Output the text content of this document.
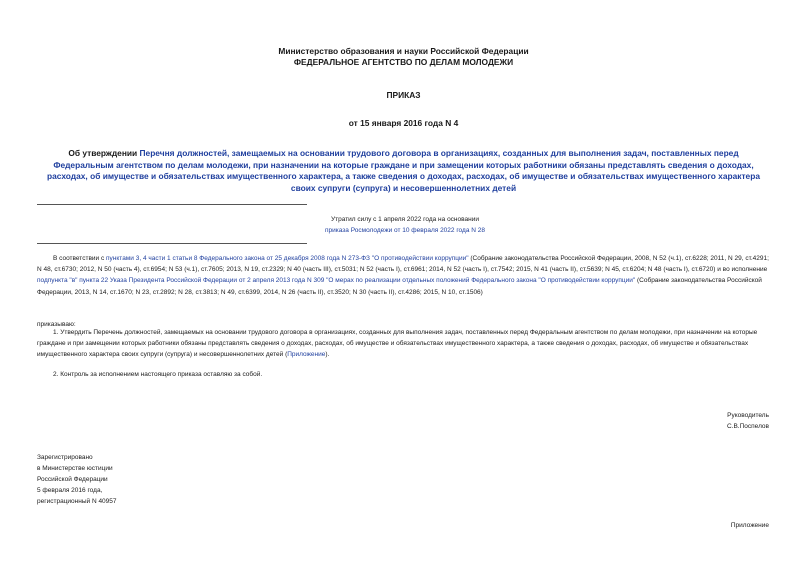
Министерство образования и науки Российской Федерации
ФЕДЕРАЛЬНОЕ АГЕНТСТВО ПО ДЕЛАМ МОЛОДЕЖИ
ПРИКАЗ
от 15 января 2016 года N 4
Об утверждении Перечня должностей, замещаемых на основании трудового договора в организациях, созданных для выполнения задач, поставленных перед Федеральным агентством по делам молодежи, при назначении на которые граждане и при замещении которых работники обязаны представлять сведения о доходах, расходах, об имуществе и обязательствах имущественного характера, а также сведения о доходах, расходах, об имуществе и обязательствах имущественного характера своих супруги (супруга) и несовершеннолетних детей
Утратил силу с 1 апреля 2022 года на основании
приказа Росмолодежи от 10 февраля 2022 года N 28
В соответствии с пунктами 3, 4 части 1 статьи 8 Федерального закона от 25 декабря 2008 года N 273-ФЗ "О противодействии коррупции" (Собрание законодательства Российской Федерации, 2008, N 52 (ч.1), ст.6228; 2011, N 29, ст.4291; N 48, ст.6730; 2012, N 50 (часть 4), ст.6954; N 53 (ч.1), ст.7605; 2013, N 19, ст.2329; N 40 (часть III), ст.5031; N 52 (часть I), ст.6961; 2014, N 52 (часть I), ст.7542; 2015, N 41 (часть II), ст.5639; N 45, ст.6204; N 48 (часть I), ст.6720) и во исполнение подпункта "в" пункта 22 Указа Президента Российской Федерации от 2 апреля 2013 года N 309 "О мерах по реализации отдельных положений Федерального закона "О противодействии коррупции" (Собрание законодательства Российской Федерации, 2013, N 14, ст.1670; N 23, ст.2892; N 28, ст.3813; N 49, ст.6399, 2014, N 26 (часть II), ст.3520; N 30 (часть II), ст.4286; 2015, N 10, ст.1506)
приказываю:
1. Утвердить Перечень должностей, замещаемых на основании трудового договора в организациях, созданных для выполнения задач, поставленных перед Федеральным агентством по делам молодежи, при назначении на которые граждане и при замещении которых работники обязаны представлять сведения о доходах, расходах, об имуществе и обязательствах имущественного характера, а также сведения о доходах, расходах, об имуществе и обязательствах имущественного характера своих супруги (супруга) и несовершеннолетних детей (Приложение).
2. Контроль за исполнением настоящего приказа оставляю за собой.
Руководитель
С.В.Поспелов
Зарегистрировано
в Министерстве юстиции
Российской Федерации
5 февраля 2016 года,
регистрационный N 40957
Приложение
